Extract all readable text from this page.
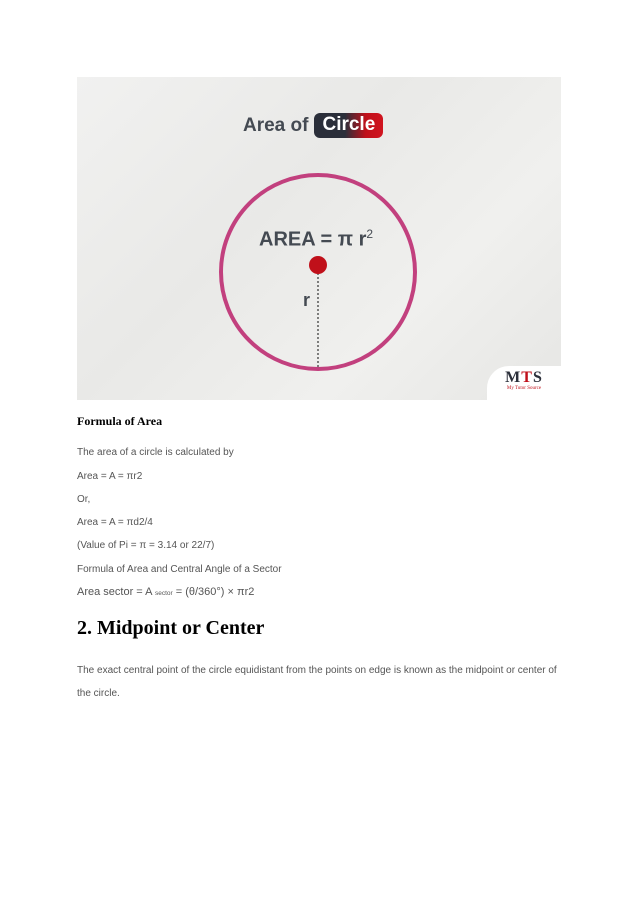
Area of Circle
AREA = π $r^2$
r
MTS
My Tutor Source
Formula of Area
The area of a circle is calculated by
Area = A = πr2
Or,
Area = A = πd2/4
(Value of Pi = π = 3.14 or 22/7)
Formula of Area and Central Angle of a Sector
Area sector = A sector = (θ/360°) × πr2
2. Midpoint or Center
The exact central point of the circle equidistant from the points on edge is known as the midpoint or center of the circle.
